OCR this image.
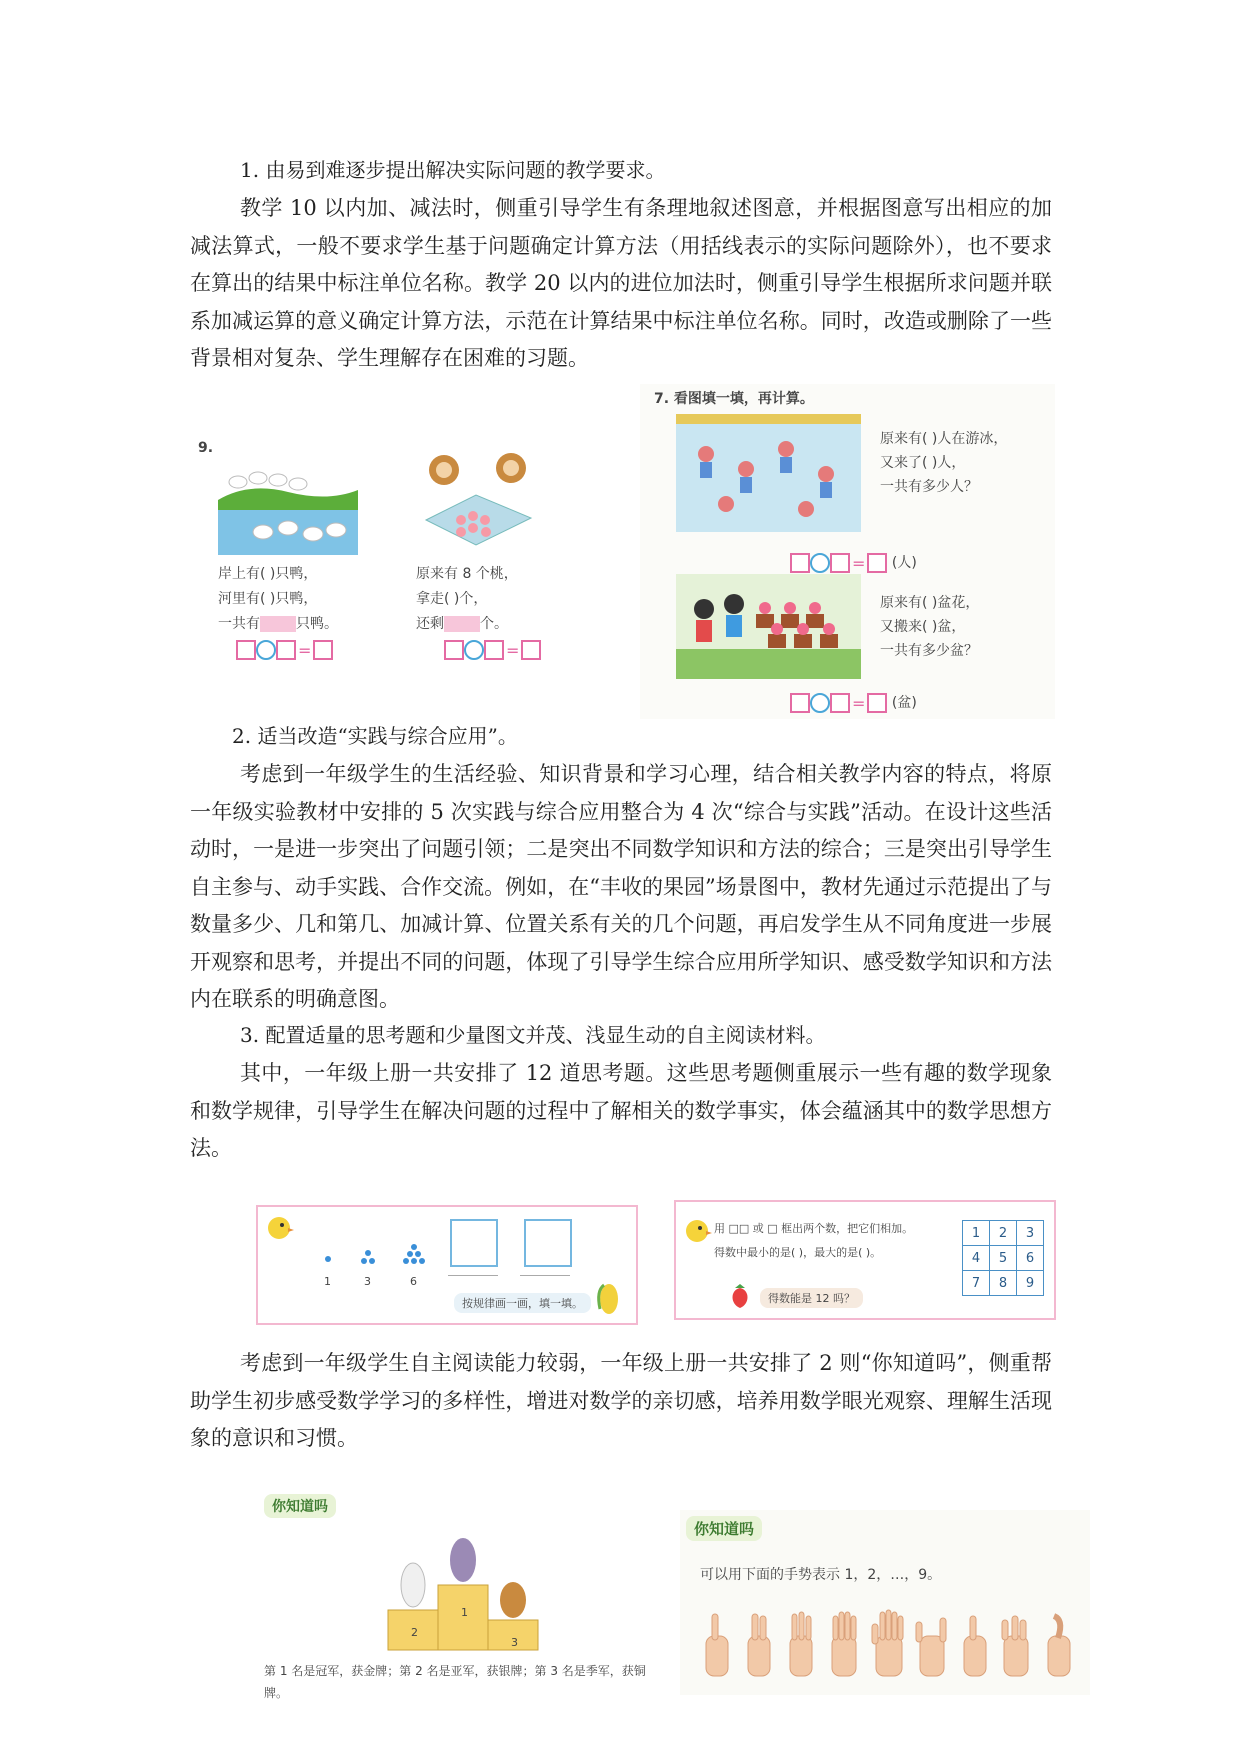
1. 由易到难逐步提出解决实际问题的教学要求。

教学 10 以内加、减法时，侧重引导学生有条理地叙述图意，并根据图意写出相应的加减法算式，一般不要求学生基于问题确定计算方法（用括线表示的实际问题除外），也不要求在算出的结果中标注单位名称。教学 20 以内的进位加法时，侧重引导学生根据所求问题并联系加减运算的意义确定计算方法，示范在计算结果中标注单位名称。同时，改造或删除了一些背景相对复杂、学生理解存在困难的习题。

9.
岸上有( )只鸭，
河里有( )只鸭，
一共有	只鸭。
=
原来有 8 个桃，
拿走( )个，
还剩	个。
=
7. 看图填一填，再计算。
原来有( )人在游冰，
又来了( )人，
一共有多少人？
= (人)
原来有( )盆花，
又搬来( )盆，
一共有多少盆？
= (盆)

2. 适当改造“实践与综合应用”。

考虑到一年级学生的生活经验、知识背景和学习心理，结合相关教学内容的特点，将原一年级实验教材中安排的 5 次实践与综合应用整合为 4 次“综合与实践”活动。在设计这些活动时，一是进一步突出了问题引领；二是突出不同数学知识和方法的综合；三是突出引导学生自主参与、动手实践、合作交流。例如，在“丰收的果园”场景图中，教材先通过示范提出了与数量多少、几和第几、加减计算、位置关系有关的几个问题，再启发学生从不同角度进一步展开观察和思考，并提出不同的问题，体现了引导学生综合应用所学知识、感受数学知识和方法内在联系的明确意图。

3. 配置适量的思考题和少量图文并茂、浅显生动的自主阅读材料。

其中，一年级上册一共安排了 12 道思考题。这些思考题侧重展示一些有趣的数学现象和数学规律，引导学生在解决问题的过程中了解相关的数学事实，体会蕴涵其中的数学思想方法。

1	3	6
按规律画一画，填一填。
用 □□ 或 □ 框出两个数，把它们相加。
得数中最小的是( )，最大的是( )。
得数能是 12 吗？
1	2	3
4	5	6
7	8	9

考虑到一年级学生自主阅读能力较弱，一年级上册一共安排了 2 则“你知道吗”，侧重帮助学生初步感受数学学习的多样性，增进对数学的亲切感，培养用数学眼光观察、理解生活现象的意识和习惯。

你知道吗
1
2
3

第 1 名是冠军，获金牌；第 2 名是亚军，获银牌；第 3 名是季军，获铜牌。

你知道吗
可以用下面的手势表示 1，2，…，9。
